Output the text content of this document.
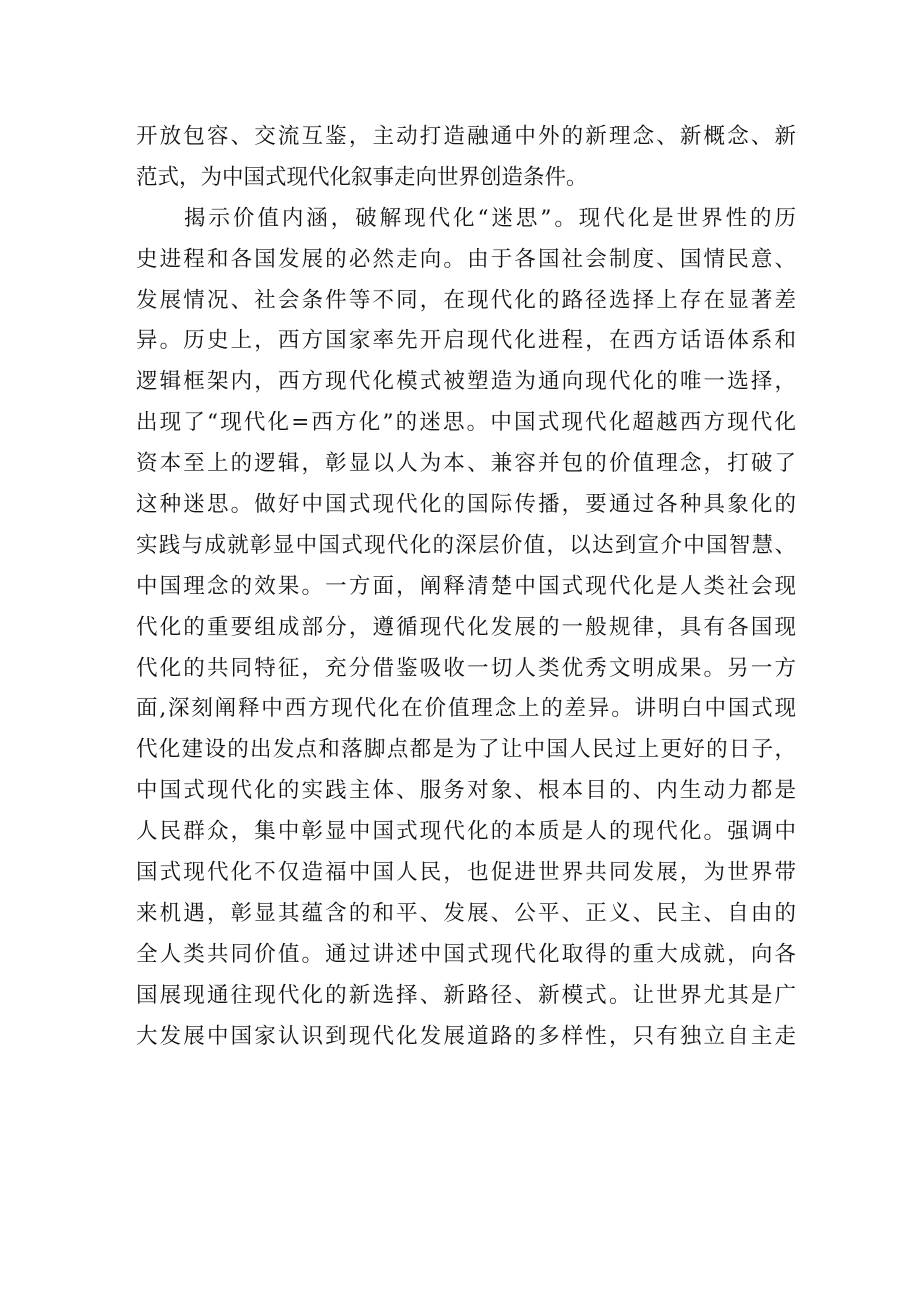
开放包容、交流互鉴，主动打造融通中外的新理念、新概念、新
范式，为中国式现代化叙事走向世界创造条件。
揭示价值内涵，破解现代化“迷思”。现代化是世界性的历
史进程和各国发展的必然走向。由于各国社会制度、国情民意、
发展情况、社会条件等不同，在现代化的路径选择上存在显著差
异。历史上，西方国家率先开启现代化进程，在西方话语体系和
逻辑框架内，西方现代化模式被塑造为通向现代化的唯一选择，
出现了“现代化=西方化”的迷思。中国式现代化超越西方现代化
资本至上的逻辑，彰显以人为本、兼容并包的价值理念，打破了
这种迷思。做好中国式现代化的国际传播，要通过各种具象化的
实践与成就彰显中国式现代化的深层价值，以达到宣介中国智慧、
中国理念的效果。一方面，阐释清楚中国式现代化是人类社会现
代化的重要组成部分，遵循现代化发展的一般规律，具有各国现
代化的共同特征，充分借鉴吸收一切人类优秀文明成果。另一方
面,深刻阐释中西方现代化在价值理念上的差异。讲明白中国式现
代化建设的出发点和落脚点都是为了让中国人民过上更好的日子，
中国式现代化的实践主体、服务对象、根本目的、内生动力都是
人民群众，集中彰显中国式现代化的本质是人的现代化。强调中
国式现代化不仅造福中国人民，也促进世界共同发展，为世界带
来机遇，彰显其蕴含的和平、发展、公平、正义、民主、自由的
全人类共同价值。通过讲述中国式现代化取得的重大成就，向各
国展现通往现代化的新选择、新路径、新模式。让世界尤其是广
大发展中国家认识到现代化发展道路的多样性，只有独立自主走
